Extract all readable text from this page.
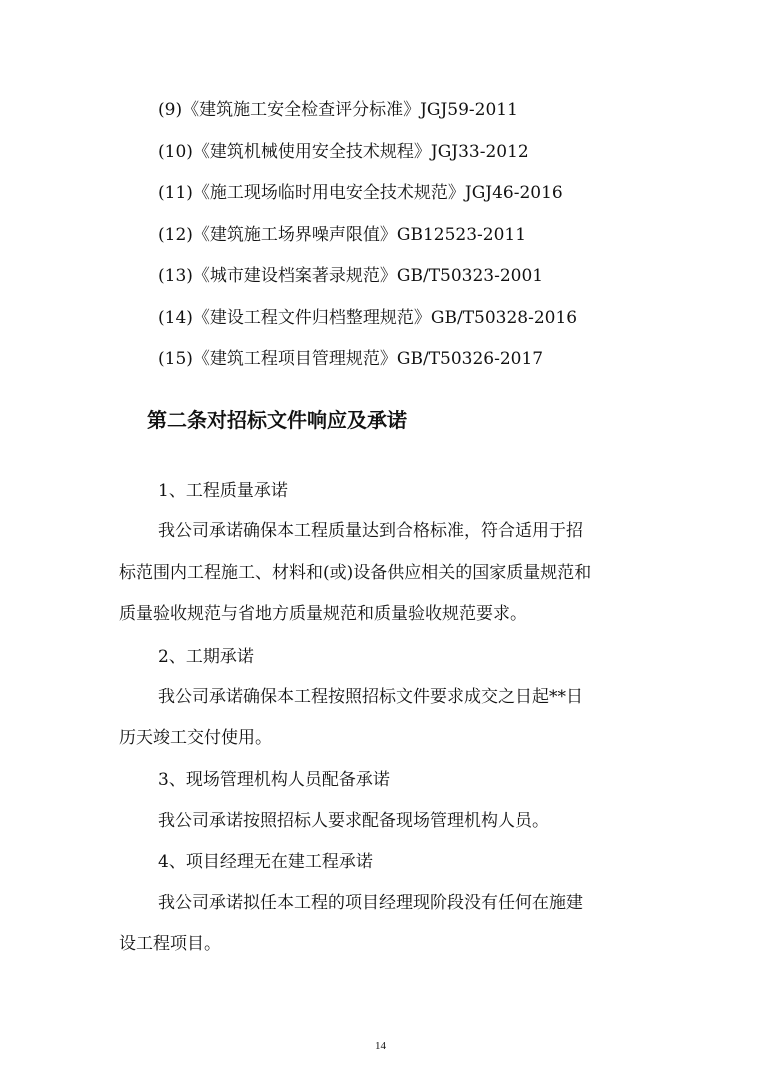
(9)《建筑施工安全检查评分标准》JGJ59-2011
(10)《建筑机械使用安全技术规程》JGJ33-2012
(11)《施工现场临时用电安全技术规范》JGJ46-2016
(12)《建筑施工场界噪声限值》GB12523-2011
(13)《城市建设档案著录规范》GB/T50323-2001
(14)《建设工程文件归档整理规范》GB/T50328-2016
(15)《建筑工程项目管理规范》GB/T50326-2017
第二条对招标文件响应及承诺
1、工程质量承诺
我公司承诺确保本工程质量达到合格标准，符合适用于招
标范围内工程施工、材料和(或)设备供应相关的国家质量规范和
质量验收规范与省地方质量规范和质量验收规范要求。
2、工期承诺
我公司承诺确保本工程按照招标文件要求成交之日起**日
历天竣工交付使用。
3、现场管理机构人员配备承诺
我公司承诺按照招标人要求配备现场管理机构人员。
4、项目经理无在建工程承诺
我公司承诺拟任本工程的项目经理现阶段没有任何在施建
设工程项目。
14
